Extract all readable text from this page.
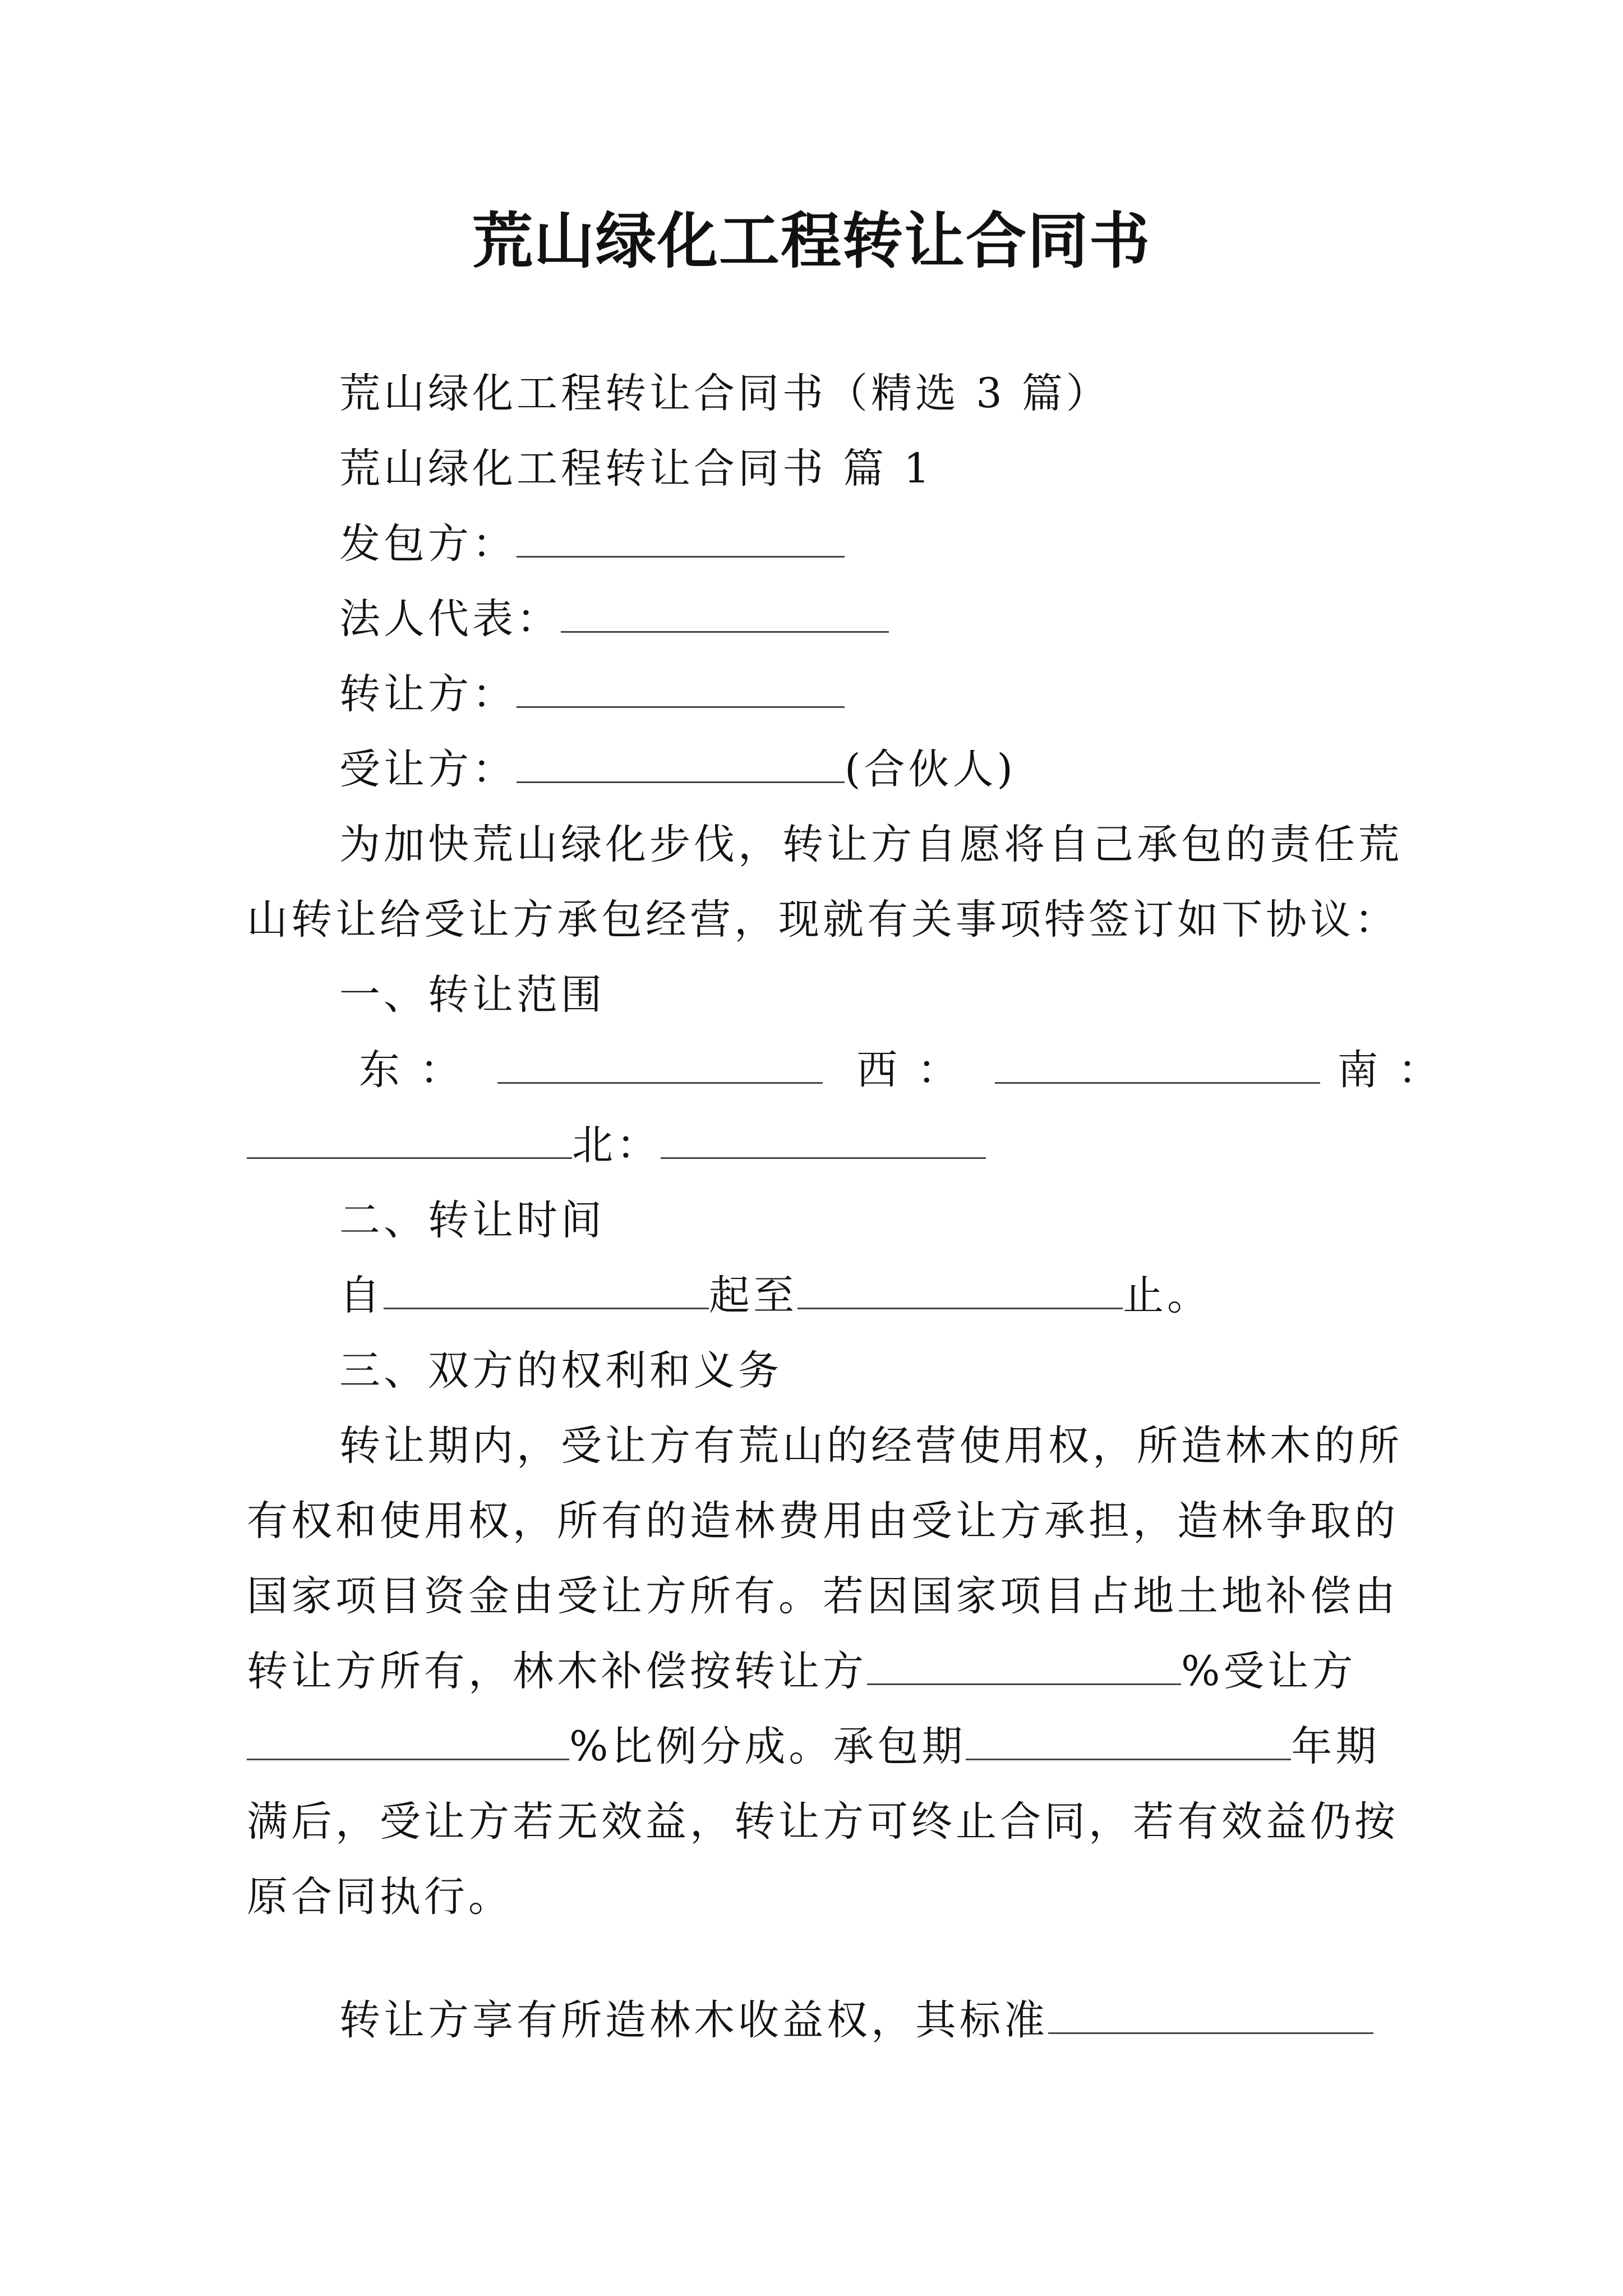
荒山绿化工程转让合同书
荒山绿化工程转让合同书（精选 3 篇）
荒山绿化工程转让合同书 篇 1
发包方：
法人代表：
转让方：
受让方：	(合伙人)
为加快荒山绿化步伐，转让方自愿将自己承包的责任荒
山转让给受让方承包经营，现就有关事项特签订如下协议：
一、转让范围
东 ：	西 ：	南 ：
北：
二、转让时间
自	起至	止。
三、双方的权利和义务
转让期内，受让方有荒山的经营使用权，所造林木的所
有权和使用权，所有的造林费用由受让方承担，造林争取的
国家项目资金由受让方所有。若因国家项目占地土地补偿由
转让方所有，林木补偿按转让方	%受让方
%比例分成。承包期	年期
满后，受让方若无效益，转让方可终止合同，若有效益仍按
原合同执行。
转让方享有所造林木收益权，其标准
